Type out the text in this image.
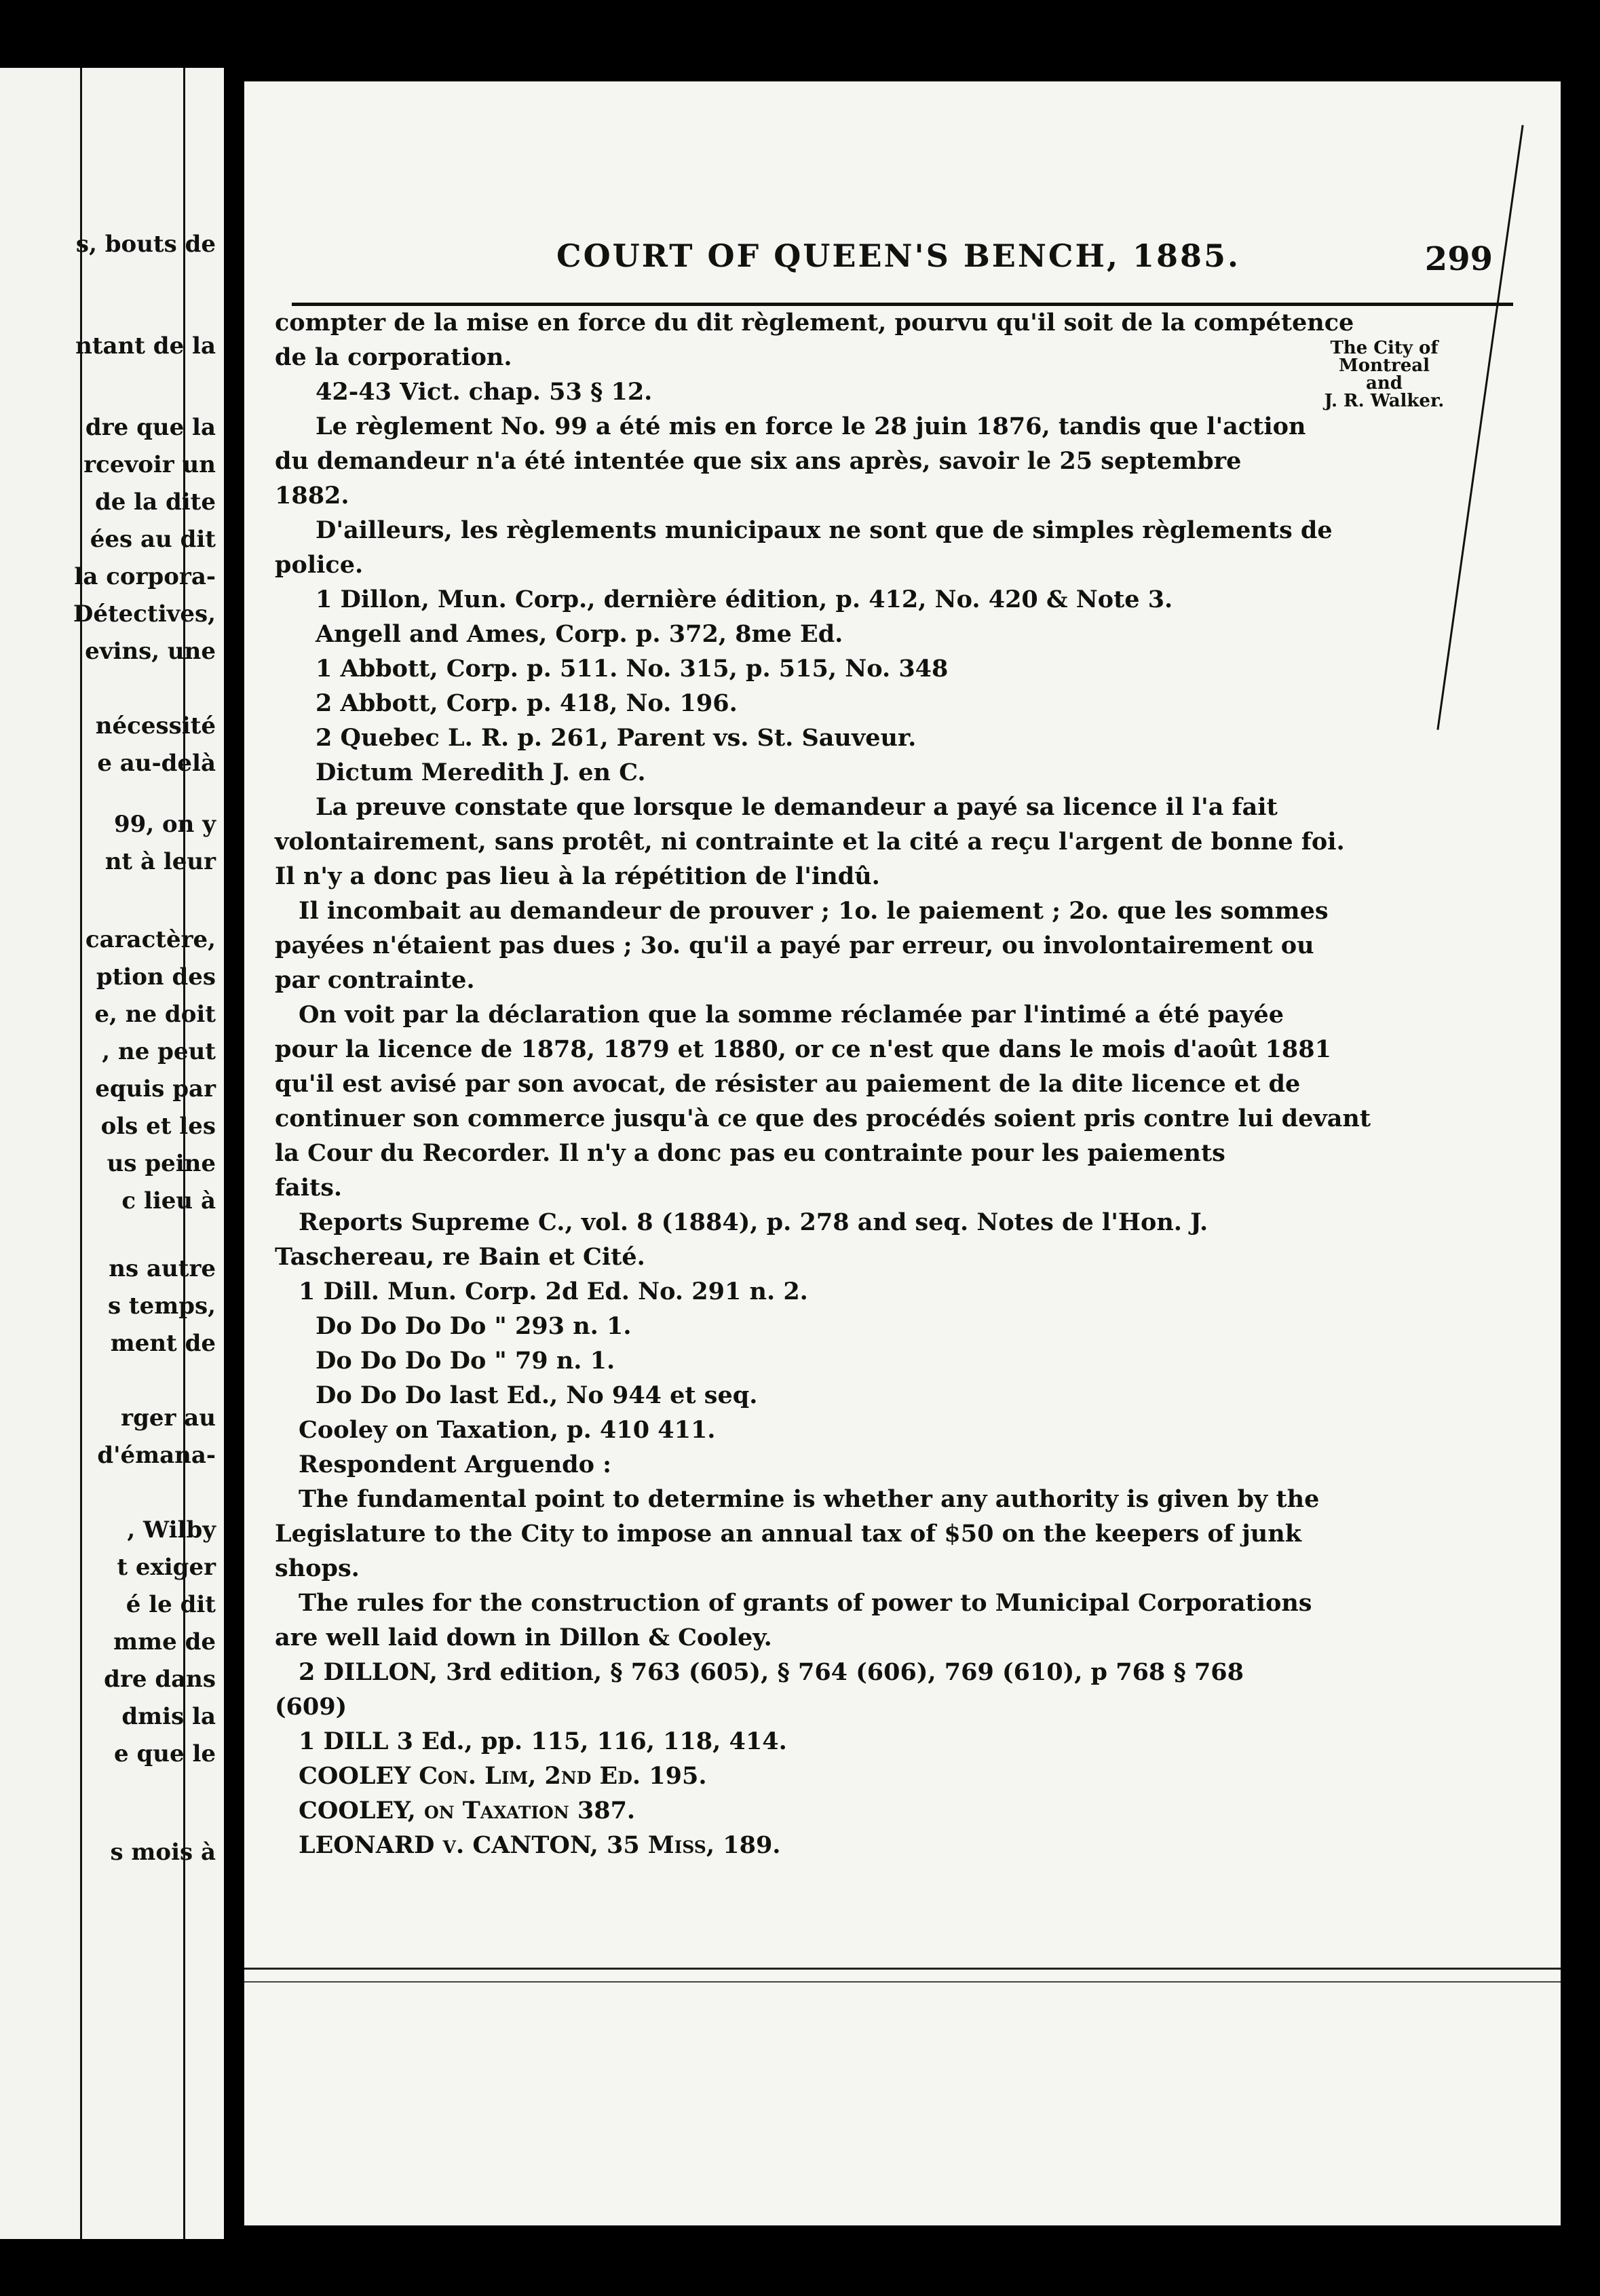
s, bouts de
ntant de la
dre que la
rcevoir un
de la dite
ées au dit
la corpora-
Détectives,
evins, une
nécessité
e au-delà
99, on y
nt à leur
caractère,
ption des
e, ne doit
, ne peut
equis par
ols et les
us peine
c lieu à
ns autre
s temps,
ment de
rger au
d'émana-
, Wilby
t exiger
é le dit
mme de
dre dans
dmis la
e que le
s mois à
COURT OF QUEEN'S BENCH, 1885.	299
The City of
Montreal
and
J. R. Walker.
compter de la mise en force du dit règlement, pourvu qu'il soit de la compétence
de la corporation.
42-43 Vict. chap. 53 § 12.
Le règlement No. 99 a été mis en force le 28 juin 1876, tandis que l'action
du demandeur n'a été intentée que six ans après, savoir le 25 septembre
1882.
D'ailleurs, les règlements municipaux ne sont que de simples règlements de
police.
1 Dillon, Mun. Corp., dernière édition, p. 412, No. 420 & Note 3.
Angell and Ames, Corp. p. 372, 8me Ed.
1 Abbott, Corp. p. 511. No. 315, p. 515, No. 348
2 Abbott, Corp. p. 418, No. 196.
2 Quebec L. R. p. 261, Parent vs. St. Sauveur.
Dictum Meredith J. en C.
La preuve constate que lorsque le demandeur a payé sa licence il l'a fait
volontairement, sans protêt, ni contrainte et la cité a reçu l'argent de bonne foi.
Il n'y a donc pas lieu à la répétition de l'indû.
Il incombait au demandeur de prouver ; 1o. le paiement ; 2o. que les sommes
payées n'étaient pas dues ; 3o. qu'il a payé par erreur, ou involontairement ou
par contrainte.
On voit par la déclaration que la somme réclamée par l'intimé a été payée
pour la licence de 1878, 1879 et 1880, or ce n'est que dans le mois d'août 1881
qu'il est avisé par son avocat, de résister au paiement de la dite licence et de
continuer son commerce jusqu'à ce que des procédés soient pris contre lui devant
la Cour du Recorder. Il n'y a donc pas eu contrainte pour les paiements
faits.
Reports Supreme C., vol. 8 (1884), p. 278 and seq. Notes de l'Hon. J.
Taschereau, re Bain et Cité.
1 Dill. Mun. Corp. 2d Ed. No. 291 n. 2.
Do Do Do Do " 293 n. 1.
Do Do Do Do " 79 n. 1.
Do Do Do last Ed., No 944 et seq.
Cooley on Taxation, p. 410 411.
Respondent Arguendo :
The fundamental point to determine is whether any authority is given by the
Legislature to the City to impose an annual tax of $50 on the keepers of junk
shops.
The rules for the construction of grants of power to Municipal Corporations
are well laid down in Dillon & Cooley.
2 DILLON, 3rd edition, § 763 (605), § 764 (606), 769 (610), p 768 § 768
(609)
1 DILL 3 Ed., pp. 115, 116, 118, 414.
COOLEY Con. Lim, 2nd Ed. 195.
COOLEY, on Taxation 387.
LEONARD v. CANTON, 35 Miss, 189.
